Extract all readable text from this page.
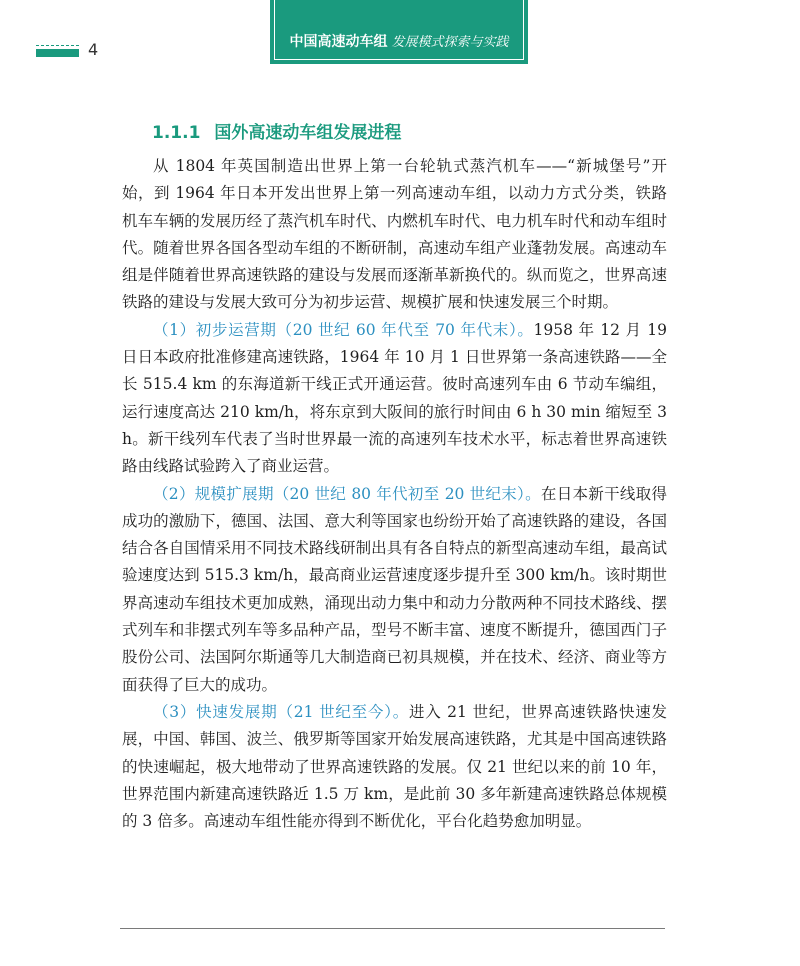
4	中国高速动车组 发展模式探索与实践
1.1.1 国外高速动车组发展进程

从 1804 年英国制造出世界上第一台轮轨式蒸汽机车——“新城堡号”开始，到 1964 年日本开发出世界上第一列高速动车组，以动力方式分类，铁路机车车辆的发展历经了蒸汽机车时代、内燃机车时代、电力机车时代和动车组时代。随着世界各国各型动车组的不断研制，高速动车组产业蓬勃发展。高速动车组是伴随着世界高速铁路的建设与发展而逐渐革新换代的。纵而览之，世界高速铁路的建设与发展大致可分为初步运营、规模扩展和快速发展三个时期。

（1）初步运营期（20 世纪 60 年代至 70 年代末）。1958 年 12 月 19 日日本政府批准修建高速铁路，1964 年 10 月 1 日世界第一条高速铁路——全长 515.4 km 的东海道新干线正式开通运营。彼时高速列车由 6 节动车编组，运行速度高达 210 km/h，将东京到大阪间的旅行时间由 6 h 30 min 缩短至 3 h。新干线列车代表了当时世界最一流的高速列车技术水平，标志着世界高速铁路由线路试验跨入了商业运营。

（2）规模扩展期（20 世纪 80 年代初至 20 世纪末）。在日本新干线取得成功的激励下，德国、法国、意大利等国家也纷纷开始了高速铁路的建设，各国结合各自国情采用不同技术路线研制出具有各自特点的新型高速动车组，最高试验速度达到 515.3 km/h，最高商业运营速度逐步提升至 300 km/h。该时期世界高速动车组技术更加成熟，涌现出动力集中和动力分散两种不同技术路线、摆式列车和非摆式列车等多品种产品，型号不断丰富、速度不断提升，德国西门子股份公司、法国阿尔斯通等几大制造商已初具规模，并在技术、经济、商业等方面获得了巨大的成功。

（3）快速发展期（21 世纪至今）。进入 21 世纪，世界高速铁路快速发展，中国、韩国、波兰、俄罗斯等国家开始发展高速铁路，尤其是中国高速铁路的快速崛起，极大地带动了世界高速铁路的发展。仅 21 世纪以来的前 10 年，世界范围内新建高速铁路近 1.5 万 km，是此前 30 多年新建高速铁路总体规模的 3 倍多。高速动车组性能亦得到不断优化，平台化趋势愈加明显。
